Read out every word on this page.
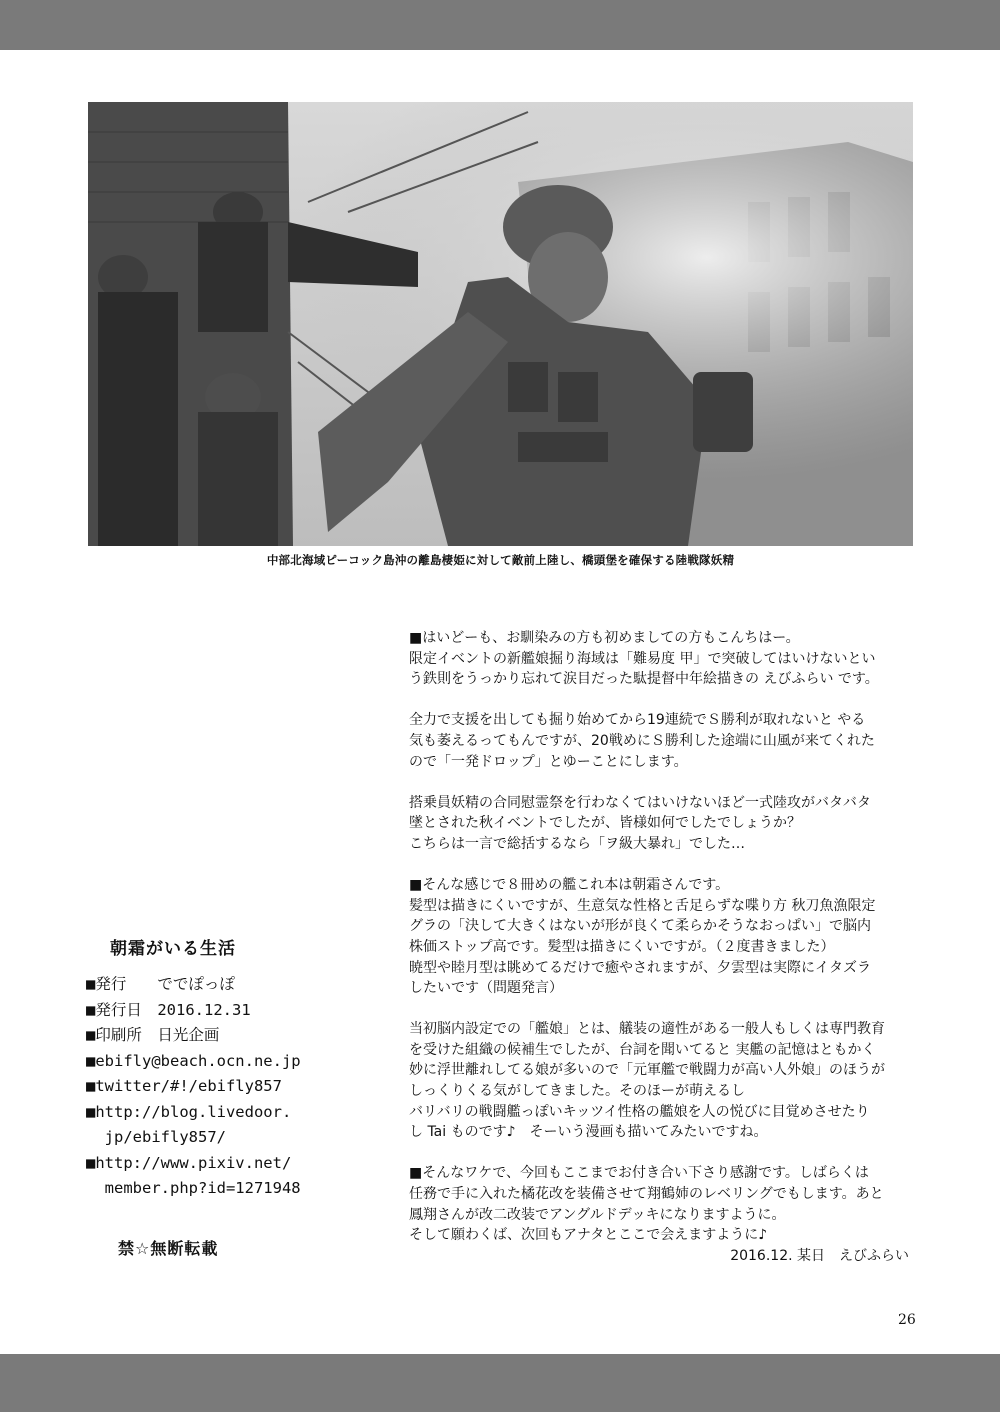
中部北海域ピーコック島沖の離島棲姫に対して敵前上陸し、橋頭堡を確保する陸戦隊妖精

■はいどーも、お馴染みの方も初めましての方もこんちはー。

限定イベントの新艦娘掘り海域は「難易度 甲」で突破してはいけないとい

う鉄則をうっかり忘れて涙目だった駄提督中年絵描きの えびふらい です。

全力で支援を出しても掘り始めてから19連続でＳ勝利が取れないと やる

気も萎えるってもんですが、20戦めにＳ勝利した途端に山風が来てくれた

ので「一発ドロップ」とゆーことにします。

搭乗員妖精の合同慰霊祭を行わなくてはいけないほど一式陸攻がバタバタ

墜とされた秋イベントでしたが、皆様如何でしたでしょうか？

こちらは一言で総括するなら「ヲ級大暴れ」でした…

■そんな感じで８冊めの艦これ本は朝霜さんです。

髪型は描きにくいですが、生意気な性格と舌足らずな喋り方 秋刀魚漁限定

グラの「決して大きくはないが形が良くて柔らかそうなおっぱい」で脳内

株価ストップ高です。髪型は描きにくいですが。（２度書きました）

暁型や睦月型は眺めてるだけで癒やされますが、夕雲型は実際にイタズラ

したいです（問題発言）

当初脳内設定での「艦娘」とは、艤装の適性がある一般人もしくは専門教育

を受けた組織の候補生でしたが、台詞を聞いてると 実艦の記憶はともかく

妙に浮世離れしてる娘が多いので「元軍艦で戦闘力が高い人外娘」のほうが

しっくりくる気がしてきました。そのほーが萌えるし

バリバリの戦闘艦っぽいキッツイ性格の艦娘を人の悦びに目覚めさせたり

し Tai ものです♪　そーいう漫画も描いてみたいですね。

■そんなワケで、今回もここまでお付き合い下さり感謝です。しばらくは

任務で手に入れた橘花改を装備させて翔鶴姉のレベリングでもします。あと

鳳翔さんが改二改装でアングルドデッキになりますように。

そして願わくば、次回もアナタとここで会えますように♪

2016.12. 某日　えびふらい

朝霜がいる生活
■発行　　ででぽっぽ
■発行日　2016.12.31
■印刷所　日光企画
■ebifly@beach.ocn.ne.jp
■twitter/#!/ebifly857
■http://blog.livedoor.
jp/ebifly857/
■http://www.pixiv.net/
member.php?id=1271948
禁☆無断転載
26
